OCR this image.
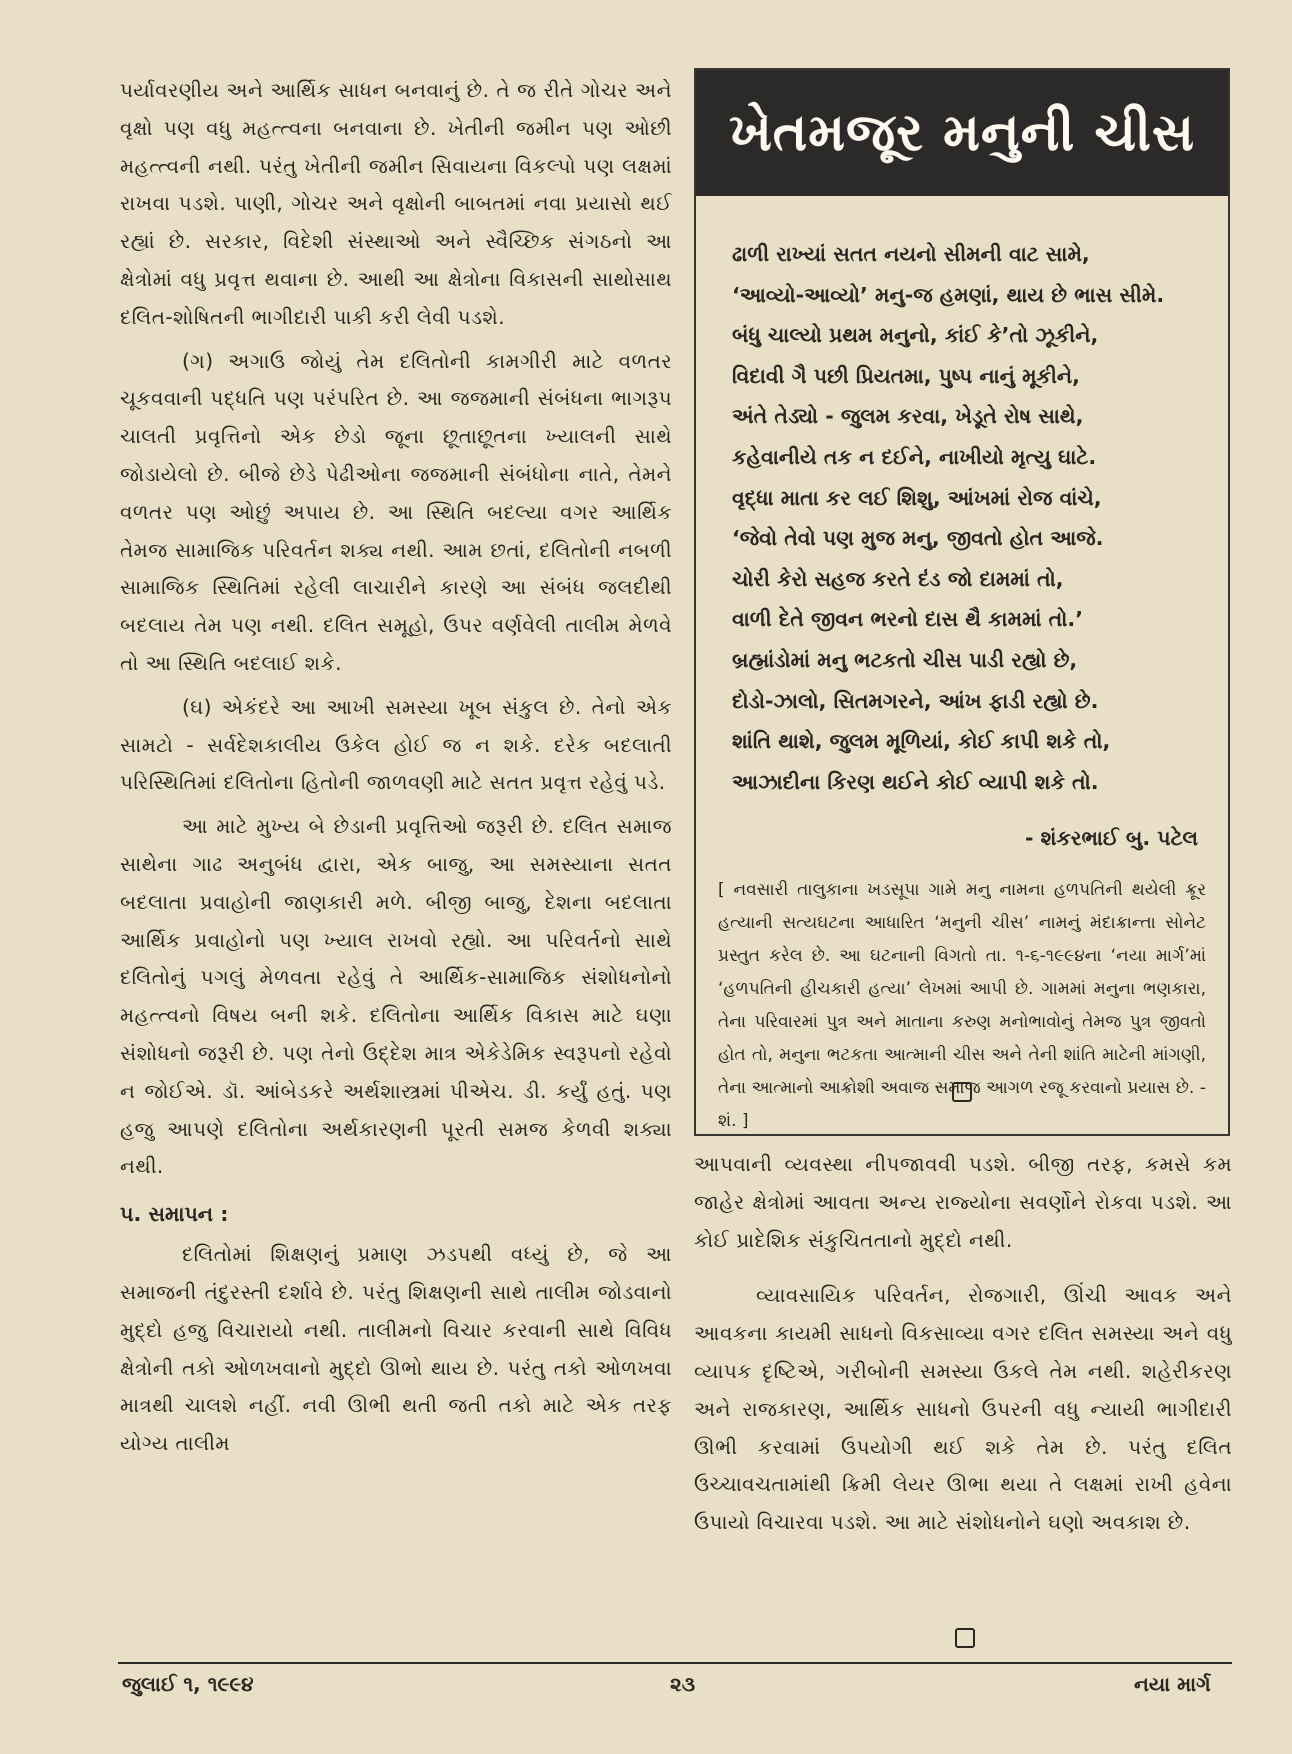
પર્યાવરણીય અને આર્થિક સાધન બનવાનું છે. તે જ રીતે ગોચર અને વૃક્ષો પણ વધુ મહત્ત્વના બનવાના છે. ખેતીની જમીન પણ ઓછી મહત્ત્વની નથી. પરંતુ ખેતીની જમીન સિવાયના વિકલ્પો પણ લક્ષમાં રાખવા પડશે. પાણી, ગોચર અને વૃક્ષોની બાબતમાં નવા પ્રયાસો થઈ રહ્યાં છે. સરકાર, વિદેશી સંસ્થાઓ અને સ્વૈચ્છિક સંગઠનો આ ક્ષેત્રોમાં વધુ પ્રવૃત્ત થવાના છે. આથી આ ક્ષેત્રોના વિકાસની સાથોસાથ દલિત-શોષિતની ભાગીદારી પાકી કરી લેવી પડશે.

(ગ) અગાઉ જોયું તેમ દલિતોની કામગીરી માટે વળતર ચૂકવવાની પદ્ધતિ પણ પરંપરિત છે. આ જજમાની સંબંધના ભાગરૂપ ચાલતી પ્રવૃત્તિનો એક છેડો જૂના છૂતાછૂતના ખ્યાલની સાથે જોડાયેલો છે. બીજે છેડે પેઢીઓના જજમાની સંબંધોના નાતે, તેમને વળતર પણ ઓછું અપાય છે. આ સ્થિતિ બદલ્યા વગર આર્થિક તેમજ સામાજિક પરિવર્તન શક્ય નથી. આમ છતાં, દલિતોની નબળી સામાજિક સ્થિતિમાં રહેલી લાચારીને કારણે આ સંબંધ જલદીથી બદલાય તેમ પણ નથી. દલિત સમૂહો, ઉપર વર્ણવેલી તાલીમ મેળવે તો આ સ્થિતિ બદલાઈ શકે.

(ઘ) એકંદરે આ આખી સમસ્યા ખૂબ સંકુલ છે. તેનો એક સામટો - સર્વદેશકાલીય ઉકેલ હોઈ જ ન શકે. દરેક બદલાતી પરિસ્થિતિમાં દલિતોના હિતોની જાળવણી માટે સતત પ્રવૃત્ત રહેવું પડે.

આ માટે મુખ્ય બે છેડાની પ્રવૃત્તિઓ જરૂરી છે. દલિત સમાજ સાથેના ગાઢ અનુબંધ દ્વારા, એક બાજુ, આ સમસ્યાના સતત બદલાતા પ્રવાહોની જાણકારી મળે. બીજી બાજુ, દેશના બદલાતા આર્થિક પ્રવાહોનો પણ ખ્યાલ રાખવો રહ્યો. આ પરિવર્તનો સાથે દલિતોનું પગલું મેળવતા રહેવું તે આર્થિક-સામાજિક સંશોધનોનો મહત્ત્વનો વિષય બની શકે. દલિતોના આર્થિક વિકાસ માટે ઘણા સંશોધનો જરૂરી છે. પણ તેનો ઉદ્દેશ માત્ર એકેડેમિક સ્વરૂપનો રહેવો ન જોઈએ. ડૉ. આંબેડકરે અર્થશાસ્ત્રમાં પીએચ. ડી. કર્યું હતું. પણ હજુ આપણે દલિતોના અર્થકારણની પૂરતી સમજ કેળવી શક્યા નથી.

૫. સમાપન :

દલિતોમાં શિક્ષણનું પ્રમાણ ઝડપથી વધ્યું છે, જે આ સમાજની તંદુરસ્તી દર્શાવે છે. પરંતુ શિક્ષણની સાથે તાલીમ જોડવાનો મુદ્દો હજુ વિચારાયો નથી. તાલીમનો વિચાર કરવાની સાથે વિવિધ ક્ષેત્રોની તકો ઓળખવાનો મુદ્દો ઊભો થાય છે. પરંતુ તકો ઓળખવા માત્રથી ચાલશે નહીં. નવી ઊભી થતી જતી તકો માટે એક તરફ યોગ્ય તાલીમ

ખેતમજૂર મનુની ચીસ
ઢાળી રાખ્યાં સતત નયનો સીમની વાટ સામે,
‘આવ્યો-આવ્યો’ મનુ-જ હમણાં, થાય છે ભાસ સીમે.
બંધુ ચાલ્યો પ્રથમ મનુનો, કાંઈ કે’તો ઝૂકીને,
વિદાવી ગૈ પછી પ્રિયતમા, પુષ્પ નાનું મૂકીને,
અંતે તેડ્યો - જુલમ કરવા, ખેડૂતે રોષ સાથે,
કહેવાનીયે તક ન દઈને, નાખીયો મૃત્યુ ઘાટે.
વૃદ્ધા માતા કર લઈ શિશુ, આંખમાં રોજ વાંચે,
‘જેવો તેવો પણ મુજ મનુ, જીવતો હોત આજે.
ચોરી કેરો સહજ કરતે દંડ જો દામમાં તો,
વાળી દેતે જીવન ભરનો દાસ થૈ કામમાં તો.’
બ્રહ્માંડોમાં મનુ ભટકતો ચીસ પાડી રહ્યો છે,
દોડો-ઝાલો, સિતમગરને, આંખ ફાડી રહ્યો છે.
શાંતિ થાશે, જુલમ મૂળિયાં, કોઈ કાપી શકે તો,
આઝાદીના કિરણ થઈને કોઈ વ્યાપી શકે તો.
- શંકરભાઈ બુ. પટેલ
[ નવસારી તાલુકાના ખડસૂપા ગામે મનુ નામના હળપતિની થયેલી ક્રૂર હત્યાની સત્યઘટના આધારિત ‘મનુની ચીસ’ નામનું મંદાક્રાન્તા સોનેટ પ્રસ્તુત કરેલ છે. આ ઘટનાની વિગતો તા. ૧-૬-૧૯૯૪ના ‘નયા માર્ગ’માં ‘હળપતિની હીચકારી હત્યા’ લેખમાં આપી છે. ગામમાં મનુના ભણકારા, તેના પરિવારમાં પુત્ર અને માતાના કરુણ મનોભાવોનું તેમજ પુત્ર જીવતો હોત તો, મનુના ભટકતા આત્માની ચીસ અને તેની શાંતિ માટેની માંગણી, તેના આત્માનો આક્રોશી અવાજ સમાજ આગળ રજૂ કરવાનો પ્રયાસ છે. - શં. ]

આપવાની વ્યવસ્થા નીપજાવવી પડશે. બીજી તરફ, કમસે કમ જાહેર ક્ષેત્રોમાં આવતા અન્ય રાજ્યોના સવર્ણોને રોકવા પડશે. આ કોઈ પ્રાદેશિક સંકુચિતતાનો મુદ્દો નથી.

વ્યાવસાયિક પરિવર્તન, રોજગારી, ઊંચી આવક અને આવકના કાયમી સાધનો વિકસાવ્યા વગર દલિત સમસ્યા અને વધુ વ્યાપક દૃષ્ટિએ, ગરીબોની સમસ્યા ઉકલે તેમ નથી. શહેરીકરણ અને રાજકારણ, આર્થિક સાધનો ઉપરની વધુ ન્યાયી ભાગીદારી ઊભી કરવામાં ઉપયોગી થઈ શકે તેમ છે. પરંતુ દલિત ઉચ્ચાવચતામાંથી ક્રિમી લેયર ઊભા થયા તે લક્ષમાં રાખી હવેના ઉપાયો વિચારવા પડશે. આ માટે સંશોધનોને ઘણો અવકાશ છે.

જુલાઈ ૧, ૧૯૯૪	૨૩	નયા માર્ગ
